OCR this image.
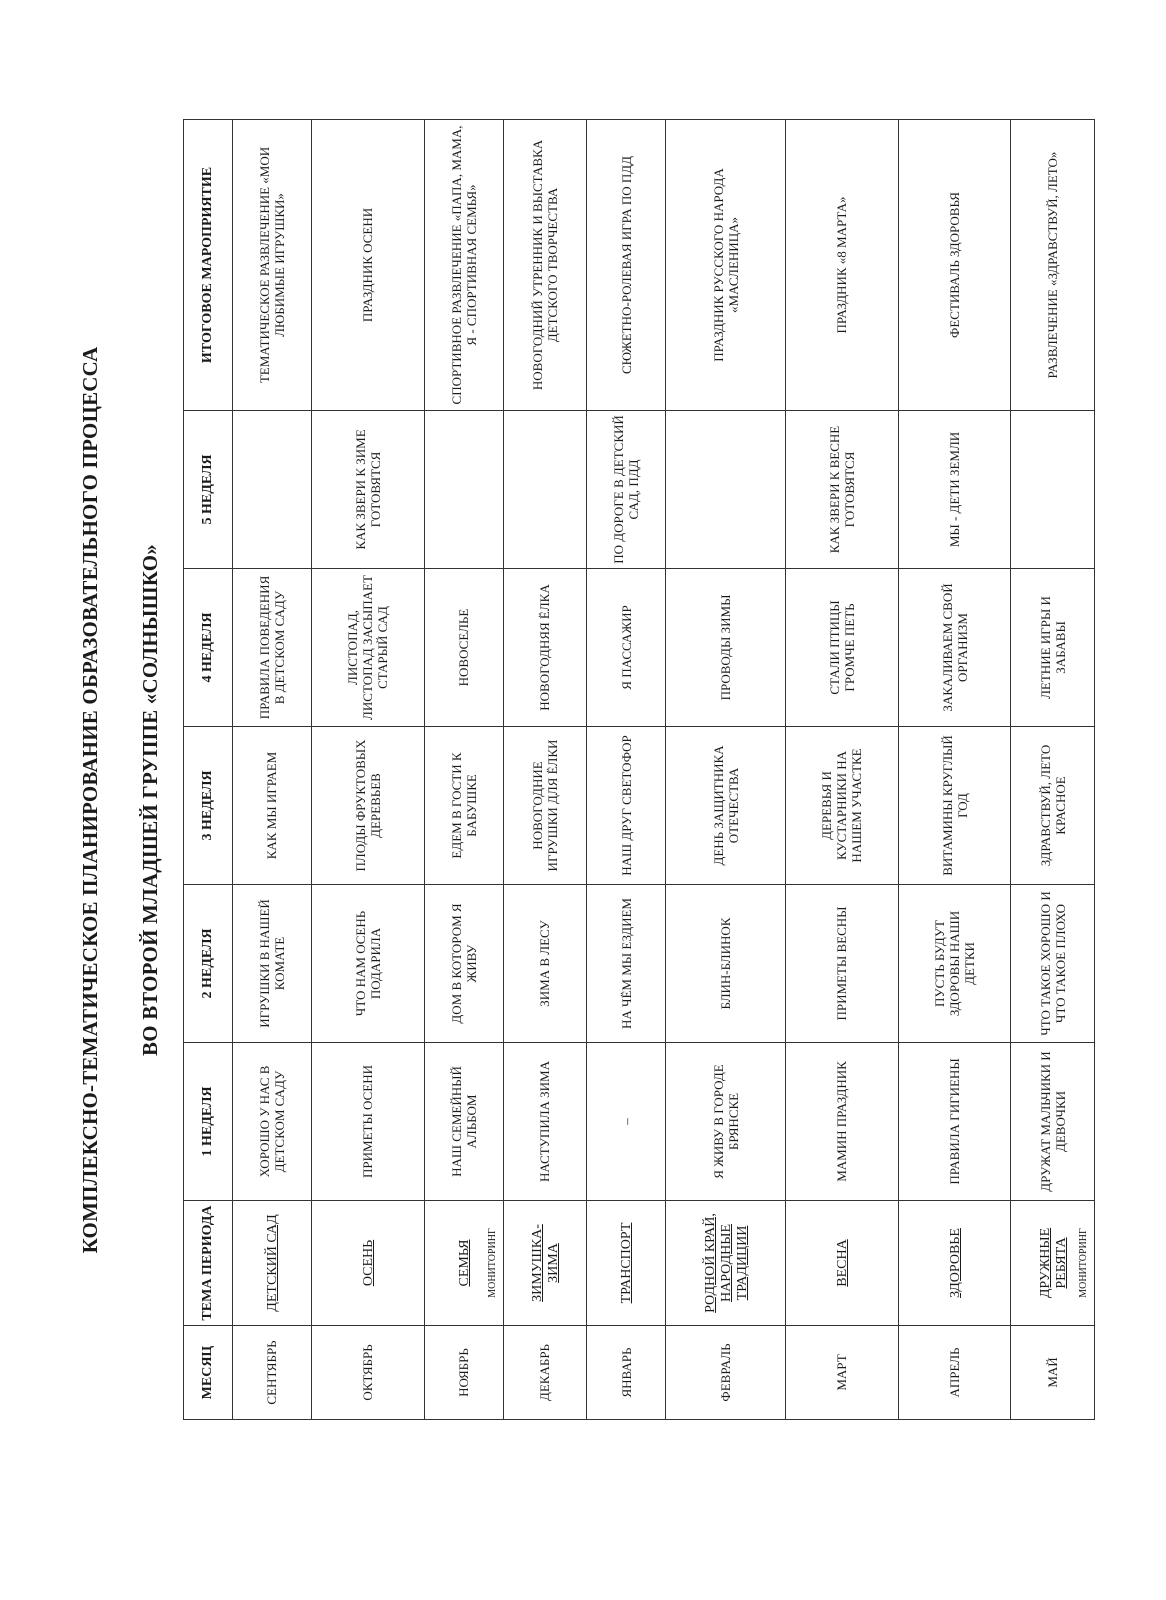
КОМПЛЕКСНО-ТЕМАТИЧЕСКОЕ ПЛАНИРОВАНИЕ ОБРАЗОВАТЕЛЬНОГО ПРОЦЕССА ВО ВТОРОЙ МЛАДШЕЙ ГРУППЕ «СОЛНЫШКО»
МЕСЯЦ	ТЕМА ПЕРИОДА	1 НЕДЕЛЯ	2 НЕДЕЛЯ	3 НЕДЕЛЯ	4 НЕДЕЛЯ	5 НЕДЕЛЯ	ИТОГОВОЕ МАРОПРИЯТИЕ
СЕНТЯБРЬ	ДЕТСКИЙ САД	ХОРОШО У НАС В ДЕТСКОМ САДУ	ИГРУШКИ В НАШЕЙ КОМАТЕ	КАК МЫ ИГРАЕМ	ПРАВИЛА ПОВЕДЕНИЯ В ДЕТСКОМ САДУ		ТЕМАТИЧЕСКОЕ РАЗВЛЕЧЕНИЕ «МОИ ЛЮБИМЫЕ ИГРУШКИ»
ОКТЯБРЬ	ОСЕНЬ	ПРИМЕТЫ ОСЕНИ	ЧТО НАМ ОСЕНЬ ПОДАРИЛА	ПЛОДЫ ФРУКТОВЫХ ДЕРЕВЬЕВ	ЛИСТОПАД, ЛИСТОПАД ЗАСЫПАЕТ СТАРЫЙ САД	КАК ЗВЕРИ К ЗИМЕ ГОТОВЯТСЯ	ПРАЗДНИК ОСЕНИ
НОЯБРЬ	СЕМЬЯ МОНИТОРИНГ	НАШ СЕМЕЙНЫЙ АЛЬБОМ	ДОМ В КОТОРОМ Я ЖИВУ	ЕДЕМ В ГОСТИ К БАБУШКЕ	НОВОСЕЛЬЕ		СПОРТИВНОЕ РАЗВЛЕЧЕНИЕ «ПАПА, МАМА, Я - СПОРТИВНАЯ СЕМЬЯ»
ДЕКАБРЬ	ЗИМУШКА-ЗИМА	НАСТУПИЛА ЗИМА	ЗИМА В ЛЕСУ	НОВОГОДНИЕ ИГРУШКИ ДЛЯ ЁЛКИ	НОВОГОДНЯЯ ЁЛКА		НОВОГОДНИЙ УТРЕННИК И ВЫСТАВКА ДЕТСКОГО ТВОРЧЕСТВА
ЯНВАРЬ	ТРАНСПОРТ	–	НА ЧЁМ МЫ ЕЗДИЕМ	НАШ ДРУГ СВЕТОФОР	Я ПАССАЖИР	ПО ДОРОГЕ В ДЕТСКИЙ САД, ПДД	СЮЖЕТНО-РОЛЕВАЯ ИГРА ПО ПДД
ФЕВРАЛЬ	РОДНОЙ КРАЙ, НАРОДНЫЕ ТРАДИЦИИ	Я ЖИВУ В ГОРОДЕ БРЯНСКЕ	БЛИН-БЛИНОК	ДЕНЬ ЗАЩИТНИКА ОТЕЧЕСТВА	ПРОВОДЫ ЗИМЫ		ПРАЗДНИК РУССКОГО НАРОДА «МАСЛЕНИЦА»
МАРТ	ВЕСНА	МАМИН ПРАЗДНИК	ПРИМЕТЫ ВЕСНЫ	ДЕРЕВЬЯ И КУСТАРНИКИ НА НАШЕМ УЧАСТКЕ	СТАЛИ ПТИЦЫ ГРОМЧЕ ПЕТЬ	КАК ЗВЕРИ К ВЕСНЕ ГОТОВЯТСЯ	ПРАЗДНИК «8 МАРТА»
АПРЕЛЬ	ЗДОРОВЬЕ	ПРАВИЛА ГИГИЕНЫ	ПУСТЬ БУДУТ ЗДОРОВЫ НАШИ ДЕТКИ	ВИТАМИНЫ КРУГЛЫЙ ГОД	ЗАКАЛИВАЕМ СВОЙ ОРГАНИЗМ	МЫ - ДЕТИ ЗЕМЛИ	ФЕСТИВАЛЬ ЗДОРОВЬЯ
МАЙ	ДРУЖНЫЕ РЕБЯТА МОНИТОРИНГ	ДРУЖАТ МАЛЬЧИКИ И ДЕВОЧКИ	ЧТО ТАКОЕ ХОРОШО И ЧТО ТАКОЕ ПЛОХО	ЗДРАВСТВУЙ, ЛЕТО КРАСНОЕ	ЛЕТНИЕ ИГРЫ И ЗАБАВЫ		РАЗВЛЕЧЕНИЕ «ЗДРАВСТВУЙ, ЛЕТО»
